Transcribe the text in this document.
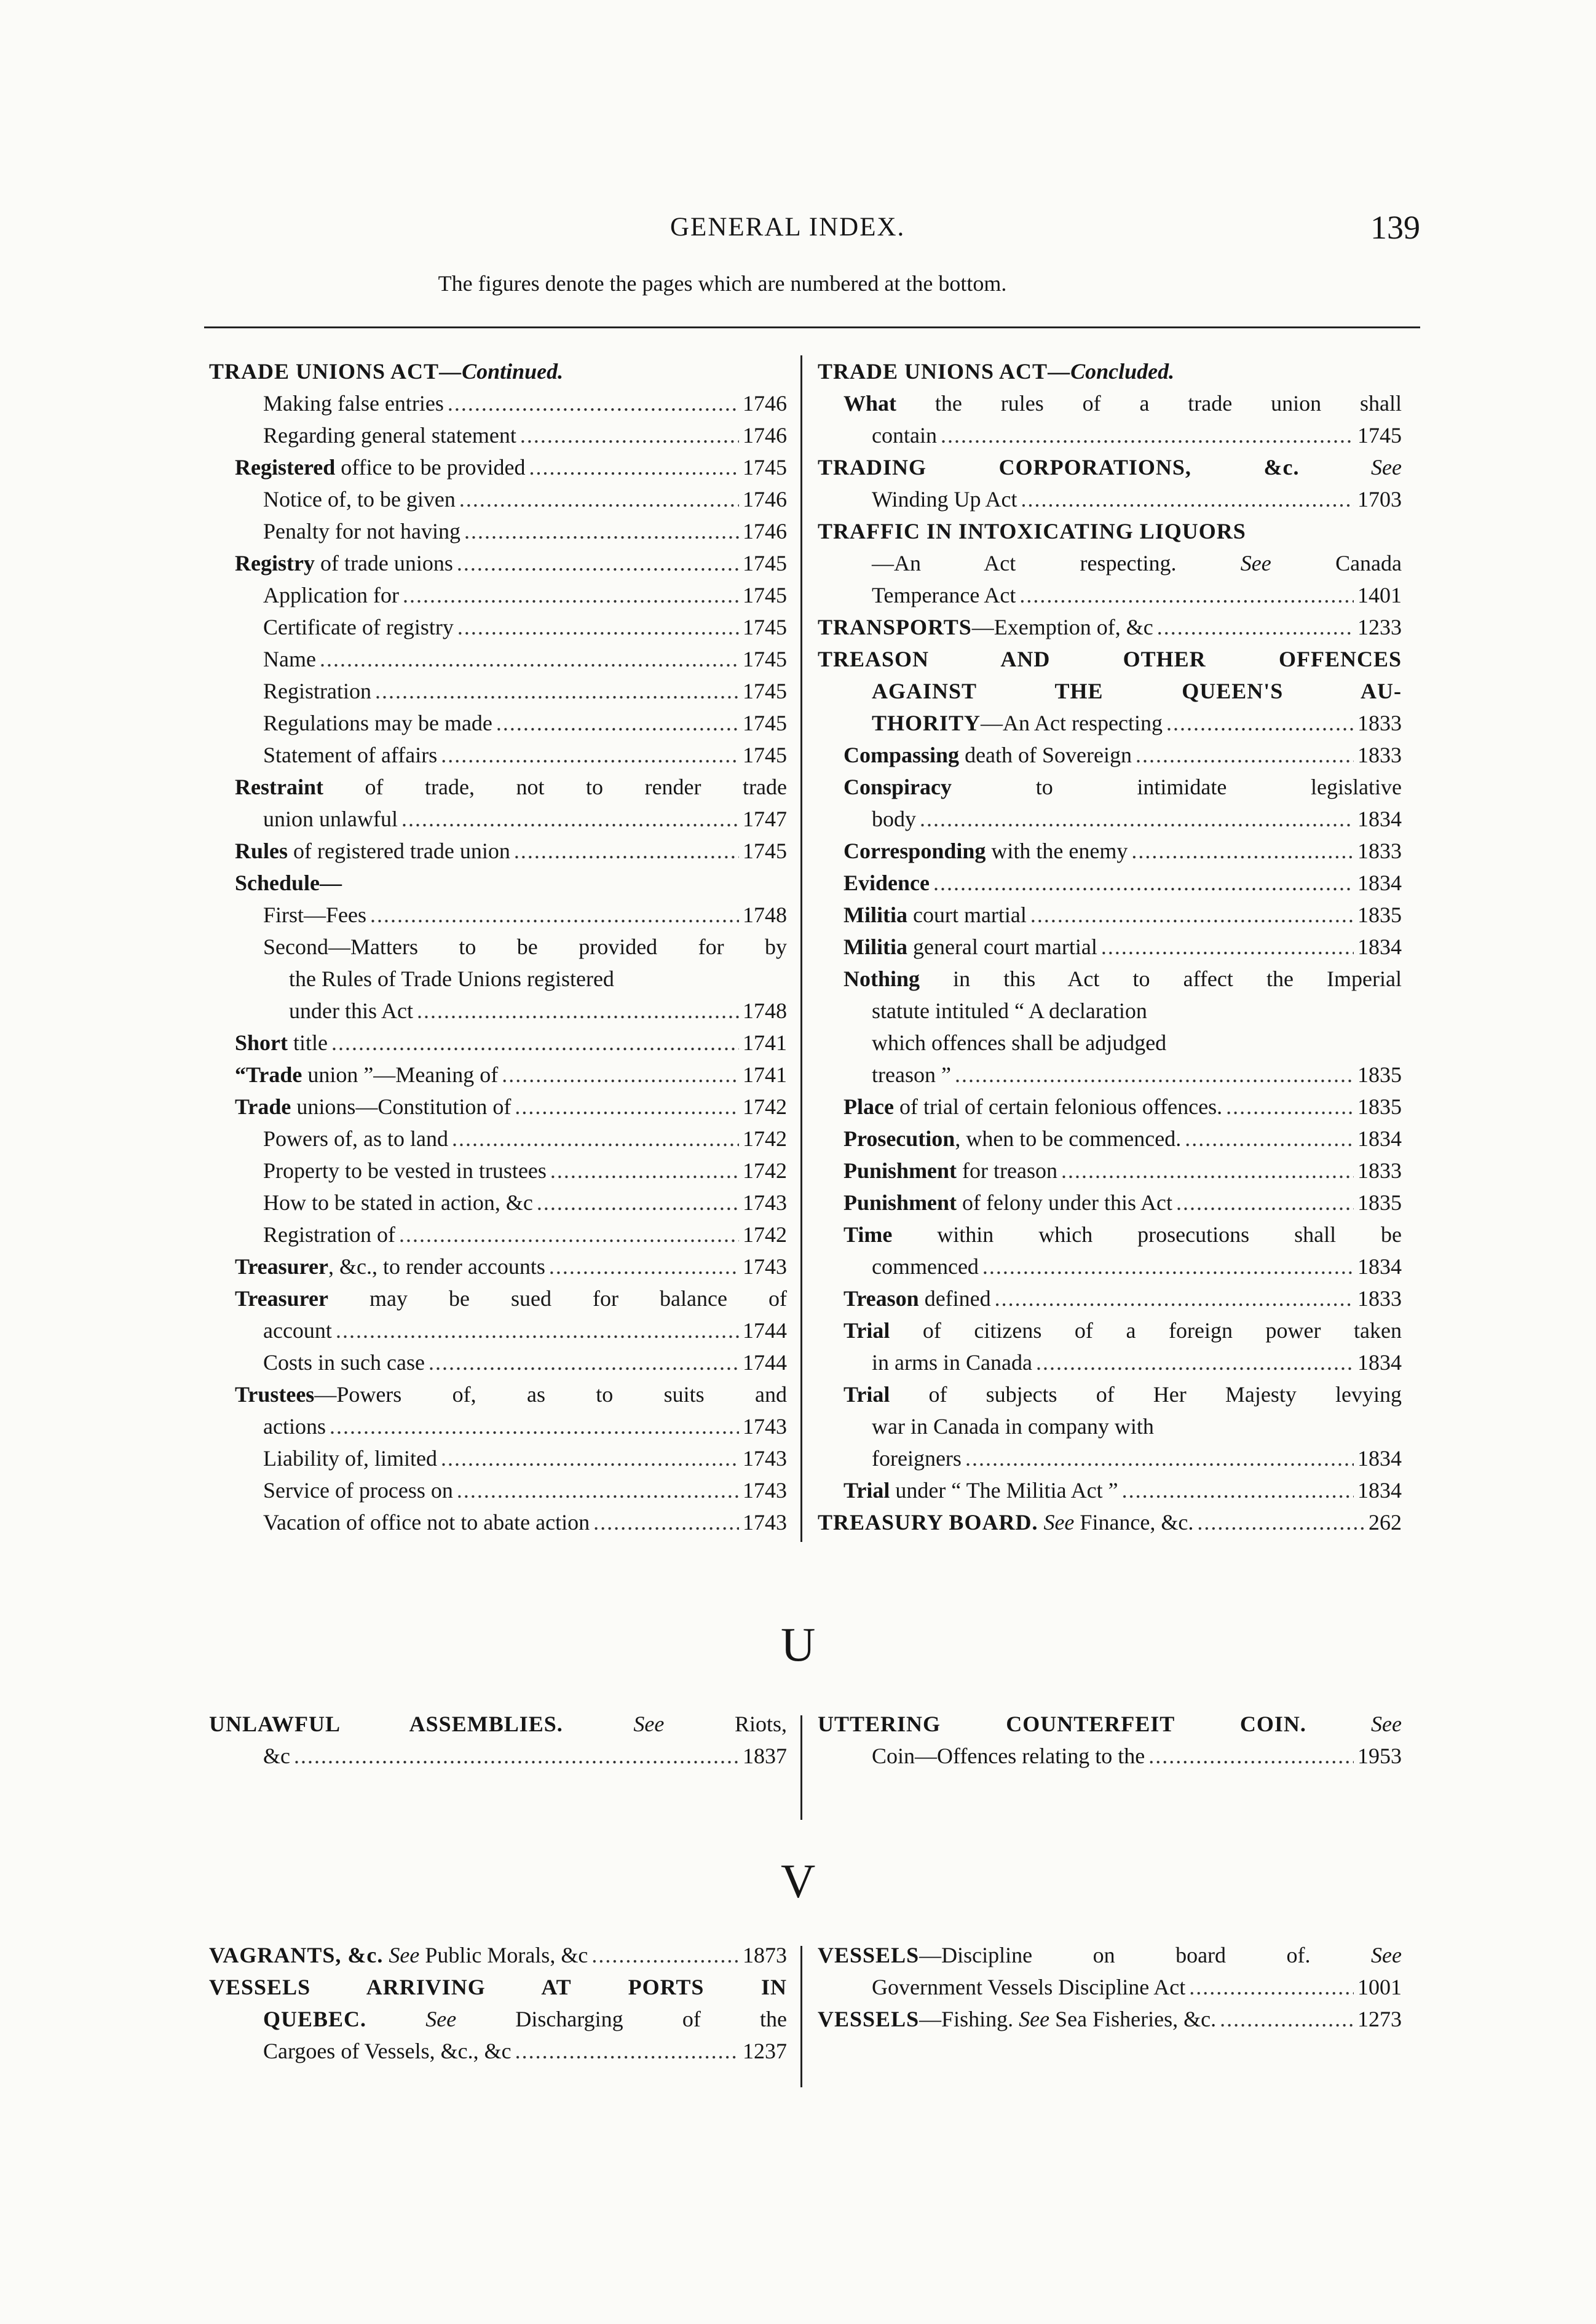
GENERAL INDEX.	139
The figures denote the pages which are numbered at the bottom.
TRADE UNIONS ACT—Continued.
Making false entries .....	1746
Regarding general statement .....	1746
Registered office to be provided .....	1745
Notice of, to be given .....	1746
Penalty for not having .....	1746
Registry of trade unions .....	1745
Application for .....	1745
Certificate of registry .....	1745
Name .....	1745
Registration .....	1745
Regulations may be made .....	1745
Statement of affairs .....	1745
Restraint of trade, not to render trade
union unlawful .....	1747
Rules of registered trade union .....	1745
Schedule—
First—Fees .....	1748
Second—Matters to be provided for by
the Rules of Trade Unions registered
under this Act .....	1748
Short title .....	1741
“Trade union ”—Meaning of .....	1741
Trade unions—Constitution of .....	1742
Powers of, as to land .....	1742
Property to be vested in trustees .....	1742
How to be stated in action, &c .....	1743
Registration of .....	1742
Treasurer, &c., to render accounts .....	1743
Treasurer may be sued for balance of
account .....	1744
Costs in such case .....	1744
Trustees—Powers of, as to suits and
actions .....	1743
Liability of, limited .....	1743
Service of process on .....	1743
Vacation of office not to abate action .....	1743
TRADE UNIONS ACT—Concluded.
What the rules of a trade union shall
contain .....	1745
TRADING CORPORATIONS, &c.	See
Winding Up Act .....	1703
TRAFFIC IN INTOXICATING LIQUORS
—An Act respecting.	See	Canada
Temperance Act .....	1401
TRANSPORTS—Exemption of, &c .....	1233
TREASON AND OTHER OFFENCES
AGAINST THE QUEEN'S AU-
THORITY—An Act respecting .....	1833
Compassing death of Sovereign .....	1833
Conspiracy to intimidate legislative
body .....	1834
Corresponding with the enemy .....	1833
Evidence .....	1834
Militia court martial .....	1835
Militia general court martial .....	1834
Nothing in this Act to affect the Imperial
statute intituled “ A declaration
which offences shall be adjudged
treason ” .....	1835
Place of trial of certain felonious offences. .....	1835
Prosecution, when to be commenced. .....	1834
Punishment for treason .....	1833
Punishment of felony under this Act .....	1835
Time within which prosecutions shall be
commenced .....	1834
Treason defined .....	1833
Trial of citizens of a foreign power taken
in arms in Canada .....	1834
Trial of subjects of Her Majesty levying
war in Canada in company with
foreigners .....	1834
Trial under “ The Militia Act ” .....	1834
TREASURY BOARD. See Finance, &c. .....	262
U
UNLAWFUL ASSEMBLIES.	See Riots,
&c .....	1837
UTTERING COUNTERFEIT COIN.	See
Coin—Offences relating to the .....	1953
V
VAGRANTS, &c. See Public Morals, &c .....	1873
VESSELS ARRIVING AT PORTS IN
QUEBEC.	See Discharging of the
Cargoes of Vessels, &c., &c .....	1237
VESSELS—Discipline on board of.	See
Government Vessels Discipline Act .....	1001
VESSELS—Fishing. See Sea Fisheries, &c. .....	1273
